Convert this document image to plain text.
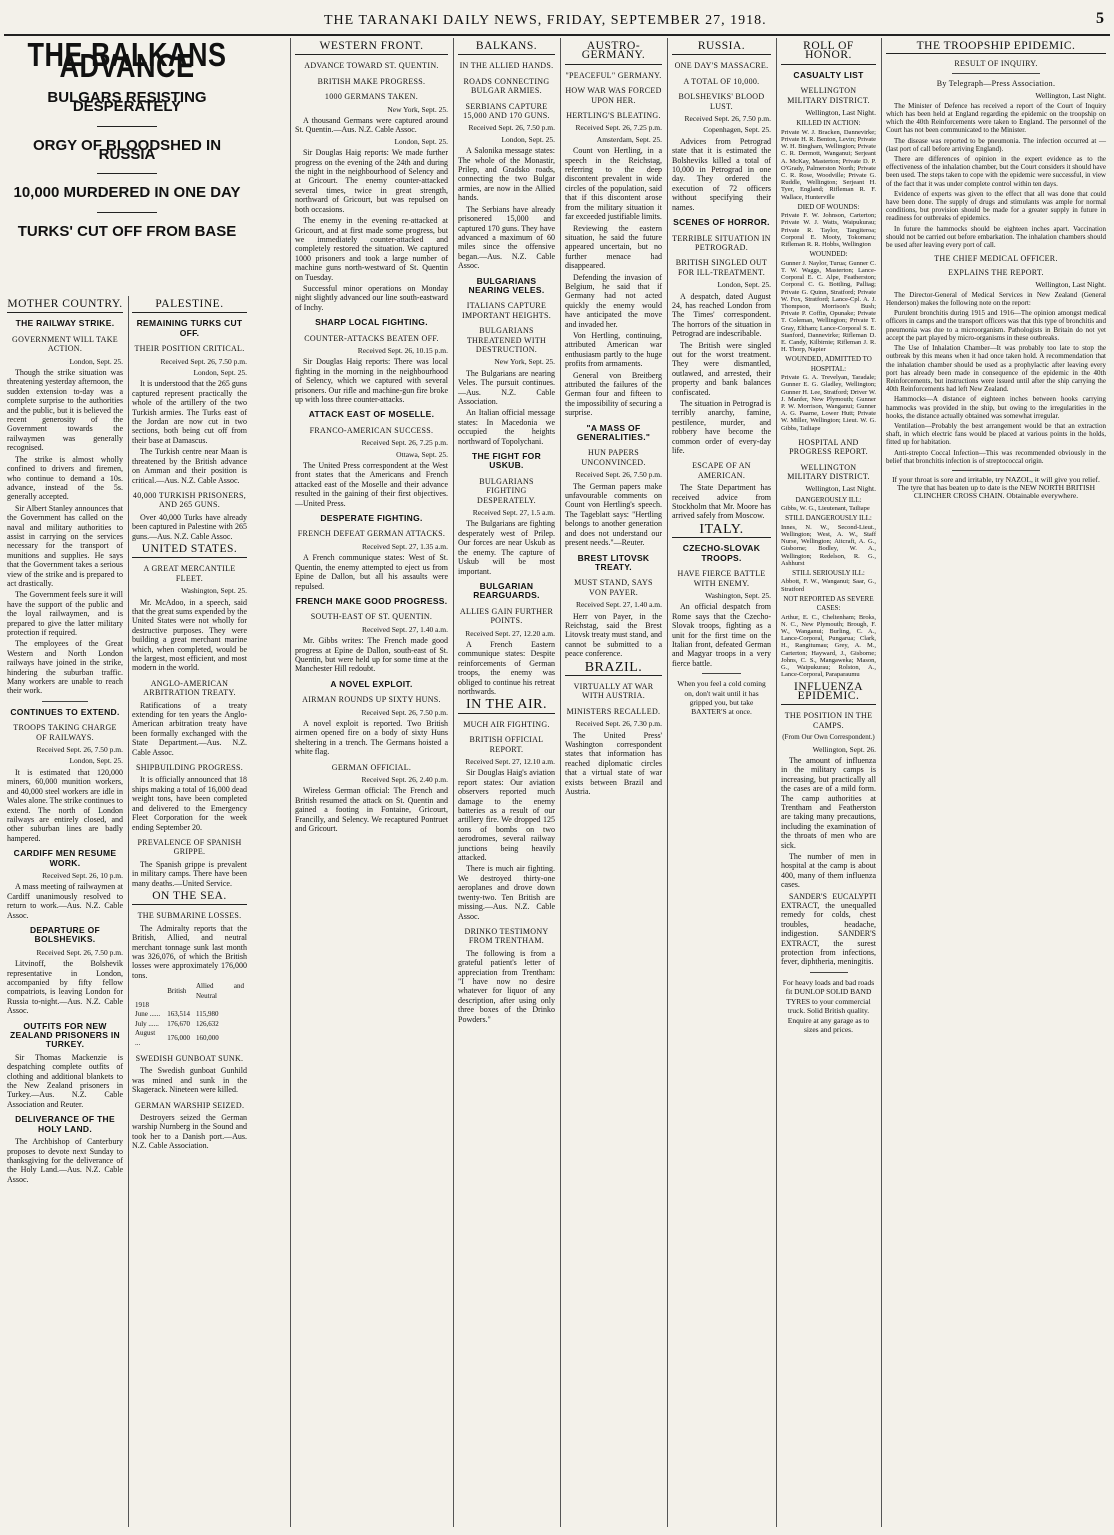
THE TARANAKI DAILY NEWS, FRIDAY, SEPTEMBER 27, 1918.	5
THE BALKANS ADVANCE
BULGARS RESISTING DESPERATELY
ORGY OF BLOODSHED IN RUSSIA
10,000 MURDERED IN ONE DAY
TURKS' CUT OFF FROM BASE
MOTHER COUNTRY.
THE RAILWAY STRIKE.
GOVERNMENT WILL TAKE ACTION.
London, Sept. 25.

Though the strike situation was threatening yesterday afternoon, the sudden extension to-day was a complete surprise to the authorities and the public, but it is believed the recent generosity of the Government towards the railwaymen was generally recognised.

The strike is almost wholly confined to drivers and firemen, who continue to demand a 10s. advance, instead of the 5s. generally accepted.

Sir Albert Stanley announces that the Government has called on the naval and military authorities to assist in carrying on the services necessary for the transport of munitions and supplies. He says that the Government takes a serious view of the strike and is prepared to act drastically.

The Government feels sure it will have the support of the public and the loyal railwaymen, and is prepared to give the latter military protection if required.

The employees of the Great Western and North London railways have joined in the strike, hindering the suburban traffic. Many workers are unable to reach their work.

CONTINUES TO EXTEND.
TROOPS TAKING CHARGE OF RAILWAYS.
Received Sept. 26, 7.50 p.m.
London, Sept. 25.

It is estimated that 120,000 miners, 60,000 munition workers, and 40,000 steel workers are idle in Wales alone. The strike continues to extend. The north of London railways are entirely closed, and other suburban lines are badly hampered.

CARDIFF MEN RESUME WORK.
Received Sept. 26, 10 p.m.

A mass meeting of railwaymen at Cardiff unanimously resolved to return to work.—Aus. N.Z. Cable Assoc.

DEPARTURE OF BOLSHEVIKS.
Received Sept. 26, 7.50 p.m.

Litvinoff, the Bolshevik representative in London, accompanied by fifty fellow compatriots, is leaving London for Russia to-night.—Aus. N.Z. Cable Assoc.

OUTFITS FOR NEW ZEALAND PRISONERS IN TURKEY.

Sir Thomas Mackenzie is despatching complete outfits of clothing and additional blankets to the New Zealand prisoners in Turkey.—Aus. N.Z. Cable Association and Reuter.

DELIVERANCE OF THE HOLY LAND.

The Archbishop of Canterbury proposes to devote next Sunday to thanksgiving for the deliverance of the Holy Land.—Aus. N.Z. Cable Assoc.

PALESTINE.
REMAINING TURKS CUT OFF.
THEIR POSITION CRITICAL.
Received Sept. 26, 7.50 p.m.
London, Sept. 25.

It is understood that the 265 guns captured represent practically the whole of the artillery of the two Turkish armies. The Turks east of the Jordan are now cut in two sections, both being cut off from their base at Damascus.

The Turkish centre near Maan is threatened by the British advance on Amman and their position is critical.—Aus. N.Z. Cable Assoc.

40,000 TURKISH PRISONERS, AND 265 GUNS.

Over 40,000 Turks have already been captured in Palestine with 265 guns.—Aus. N.Z. Cable Assoc.

UNITED STATES.
A GREAT MERCANTILE FLEET.
Washington, Sept. 25.

Mr. McAdoo, in a speech, said that the great sums expended by the United States were not wholly for destructive purposes. They were building a great merchant marine which, when completed, would be the largest, most efficient, and most modern in the world.

ANGLO-AMERICAN ARBITRATION TREATY.

Ratifications of a treaty extending for ten years the Anglo-American arbitration treaty have been formally exchanged with the State Department.—Aus. N.Z. Cable Assoc.

SHIPBUILDING PROGRESS.

It is officially announced that 18 ships making a total of 16,000 dead weight tons, have been completed and delivered to the Emergency Fleet Corporation for the week ending September 20.

PREVALENCE OF SPANISH GRIPPE.

The Spanish grippe is prevalent in military camps. There have been many deaths.—United Service.

ON THE SEA.
THE SUBMARINE LOSSES.

The Admiralty reports that the British, Allied, and neutral merchant tonnage sunk last month was 326,076, of which the British losses were approximately 176,000 tons.

	British	Allied and Neutral
1918		
June ......	163,514	115,980
July ......	176,670	126,632
August ...	176,000	160,000
SWEDISH GUNBOAT SUNK.

The Swedish gunboat Gunhild was mined and sunk in the Skagerack. Nineteen were killed.

GERMAN WARSHIP SEIZED.

Destroyers seized the German warship Nurnberg in the Sound and took her to a Danish port.—Aus. N.Z. Cable Association.

WESTERN FRONT.
ADVANCE TOWARD ST. QUENTIN.
BRITISH MAKE PROGRESS.
1000 GERMANS TAKEN.
New York, Sept. 25.

A thousand Germans were captured around St. Quentin.—Aus. N.Z. Cable Assoc.

London, Sept. 25.

Sir Douglas Haig reports: We made further progress on the evening of the 24th and during the night in the neighbourhood of Selency and at Gricourt. The enemy counter-attacked several times, twice in great strength, northward of Gricourt, but was repulsed on both occasions.

The enemy in the evening re-attacked at Gricourt, and at first made some progress, but we immediately counter-attacked and completely restored the situation. We captured 1000 prisoners and took a large number of machine guns north-westward of St. Quentin on Tuesday.

Successful minor operations on Monday night slightly advanced our line south-eastward of Inchy.

SHARP LOCAL FIGHTING.
COUNTER-ATTACKS BEATEN OFF.
Received Sept. 26, 10.15 p.m.

Sir Douglas Haig reports: There was local fighting in the morning in the neighbourhood of Selency, which we captured with several prisoners. Our rifle and machine-gun fire broke up with loss three counter-attacks.

ATTACK EAST OF MOSELLE.
FRANCO-AMERICAN SUCCESS.
Received Sept. 26, 7.25 p.m.
Ottawa, Sept. 25.

The United Press correspondent at the West front states that the Americans and French attacked east of the Moselle and their advance resulted in the gaining of their first objectives.—United Press.

DESPERATE FIGHTING.
FRENCH DEFEAT GERMAN ATTACKS.
Received Sept. 27, 1.35 a.m.

A French communique states: West of St. Quentin, the enemy attempted to eject us from Epine de Dallon, but all his assaults were repulsed.

FRENCH MAKE GOOD PROGRESS.
SOUTH-EAST OF ST. QUENTIN.
Received Sept. 27, 1.40 a.m.

Mr. Gibbs writes: The French made good progress at Epine de Dallon, south-east of St. Quentin, but were held up for some time at the Manchester Hill redoubt.

A NOVEL EXPLOIT.
AIRMAN ROUNDS UP SIXTY HUNS.
Received Sept. 26, 7.50 p.m.

A novel exploit is reported. Two British airmen opened fire on a body of sixty Huns sheltering in a trench. The Germans hoisted a white flag.

GERMAN OFFICIAL.
Received Sept. 26, 2.40 p.m.

Wireless German official: The French and British resumed the attack on St. Quentin and gained a footing in Fontaine, Gricourt, Francilly, and Selency. We recaptured Pontruet and Gricourt.

BALKANS.
IN THE ALLIED HANDS.
ROADS CONNECTING BULGAR ARMIES.
SERBIANS CAPTURE 15,000 AND 170 GUNS.
Received Sept. 26, 7.50 p.m.
London, Sept. 25.

A Salonika message states: The whole of the Monastir, Prilep, and Gradsko roads, connecting the two Bulgar armies, are now in the Allied hands.

The Serbians have already prisonered 15,000 and captured 170 guns. They have advanced a maximum of 60 miles since the offensive began.—Aus. N.Z. Cable Assoc.

BULGARIANS NEARING VELES.
ITALIANS CAPTURE IMPORTANT HEIGHTS.
BULGARIANS THREATENED WITH DESTRUCTION.
New York, Sept. 25.

The Bulgarians are nearing Veles. The pursuit continues.—Aus. N.Z. Cable Association.

An Italian official message states: In Macedonia we occupied the heights northward of Topolychani.

THE FIGHT FOR USKUB.
BULGARIANS FIGHTING DESPERATELY.
Received Sept. 27, 1.5 a.m.

The Bulgarians are fighting desperately west of Prilep. Our forces are near Uskub as the enemy. The capture of Uskub will be most important.

BULGARIAN REARGUARDS.
ALLIES GAIN FURTHER POINTS.
Received Sept. 27, 12.20 a.m.

A French Eastern communique states: Despite reinforcements of German troops, the enemy was obliged to continue his retreat northwards.

IN THE AIR.
MUCH AIR FIGHTING.
BRITISH OFFICIAL REPORT.
Received Sept. 27, 12.10 a.m.

Sir Douglas Haig's aviation report states: Our aviation observers reported much damage to the enemy batteries as a result of our artillery fire. We dropped 125 tons of bombs on two aerodromes, several railway junctions being heavily attacked.

There is much air fighting. We destroyed thirty-one aeroplanes and drove down twenty-two. Ten British are missing.—Aus. N.Z. Cable Assoc.

DRINKO TESTIMONY FROM TRENTHAM.

The following is from a grateful patient's letter of appreciation from Trentham: "I have now no desire whatever for liquor of any description, after using only three boxes of the Drinko Powders."

AUSTRO-GERMANY.
"PEACEFUL" GERMANY.
HOW WAR WAS FORCED UPON HER.
HERTLING'S BLEATING.
Received Sept. 26, 7.25 p.m.
Amsterdam, Sept. 25.

Count von Hertling, in a speech in the Reichstag, referring to the deep discontent prevalent in wide circles of the population, said that if this discontent arose from the military situation it far exceeded justifiable limits.

Reviewing the eastern situation, he said the future appeared uncertain, but no further menace had disappeared.

Defending the invasion of Belgium, he said that if Germany had not acted quickly the enemy would have anticipated the move and invaded her.

Von Hertling, continuing, attributed American war enthusiasm partly to the huge profits from armaments.

General von Breitberg attributed the failures of the German four and fifteen to the impossibility of securing a surprise.

"A MASS OF GENERALITIES."
HUN PAPERS UNCONVINCED.
Received Sept. 26, 7.50 p.m.

The German papers make unfavourable comments on Count von Hertling's speech. The Tageblatt says: "Hertling belongs to another generation and does not understand our present needs."—Reuter.

BREST LITOVSK TREATY.
MUST STAND, SAYS VON PAYER.
Received Sept. 27, 1.40 a.m.

Herr von Payer, in the Reichstag, said the Brest Litovsk treaty must stand, and cannot be submitted to a peace conference.

BRAZIL.
VIRTUALLY AT WAR WITH AUSTRIA.
MINISTERS RECALLED.
Received Sept. 26, 7.30 p.m.

The United Press' Washington correspondent states that information has reached diplomatic circles that a virtual state of war exists between Brazil and Austria.

RUSSIA.
ONE DAY'S MASSACRE.
A TOTAL OF 10,000.
BOLSHEVIKS' BLOOD LUST.
Received Sept. 26, 7.50 p.m.
Copenhagen, Sept. 25.

Advices from Petrograd state that it is estimated the Bolsheviks killed a total of 10,000 in Petrograd in one day. They ordered the execution of 72 officers without specifying their names.

SCENES OF HORROR.
TERRIBLE SITUATION IN PETROGRAD.
BRITISH SINGLED OUT FOR ILL-TREATMENT.
London, Sept. 25.

A despatch, dated August 24, has reached London from The Times' correspondent. The horrors of the situation in Petrograd are indescribable.

The British were singled out for the worst treatment. They were dismantled, outlawed, and arrested, their property and bank balances confiscated.

The situation in Petrograd is terribly anarchy, famine, pestilence, murder, and robbery have become the common order of every-day life.

ESCAPE OF AN AMERICAN.

The State Department has received advice from Stockholm that Mr. Moore has arrived safely from Moscow.

ITALY.
CZECHO-SLOVAK TROOPS.
HAVE FIERCE BATTLE WITH ENEMY.
Washington, Sept. 25.

An official despatch from Rome says that the Czecho-Slovak troops, fighting as a unit for the first time on the Italian front, defeated German and Magyar troops in a very fierce battle.

When you feel a cold coming on, don't wait until it has gripped you, but take BAXTER'S at once.
ROLL OF HONOR.
CASUALTY LIST
WELLINGTON MILITARY DISTRICT.
Wellington, Last Night.
KILLED IN ACTION:

Private W. J. Bracken, Dannevirke; Private H. R. Benton, Levin; Private W. H. Bingham, Wellington; Private C. R. Dermott, Wanganui; Serjeant A. McKay, Masterton; Private D. P. O'Grady, Palmerston North; Private C. R. Rose, Woodville; Private G. Ruddle, Wellington; Serjeant H. Tyer, England; Rifleman R. F. Wallace, Hunterville

DIED OF WOUNDS:

Private F. W. Johnson, Carterton; Private W. J. Watts, Waipukurau; Private R. Taylor, Tangiteroa; Corporal E. Mooty, Tokomaru; Rifleman R. R. Hobbs, Wellington

WOUNDED:

Gunner J. Naylor, Turua; Gunner C. T. W. Waggs, Masterton; Lance-Corporal E. C. Alpe, Featherston; Corporal C. G. Bottling, Palliag; Private G. Quinn, Stratford; Private W. Fox, Stratford; Lance-Cpl. A. J. Thompson, Morrison's Bush; Private P. Coffin, Opunake; Private T. Coleman, Wellington; Private T. Gray, Eltham; Lance-Corporal S. E. Stanford, Dannevirke; Rifleman D. E. Candy, Kilbirnie; Rifleman J. R. H. Thorp, Napier

WOUNDED, ADMITTED TO HOSPITAL:

Private G. A. Trevelyan, Taradale; Gunner E. G. Gladley, Wellington; Gunner H. Lee, Stratford; Driver W. J. Manfer, New Plymouth; Gunner P. W. Morrison, Wanganui; Gunner A. G. Paarne, Lower Hutt; Private W. Miller, Wellington; Lieut. W. G. Gibbs, Tailiape

HOSPITAL AND PROGRESS REPORT.
WELLINGTON MILITARY DISTRICT.
Wellington, Last Night.
DANGEROUSLY ILL:

Gibbs, W. G., Lieutenant, Tailiape

STILL DANGEROUSLY ILL:

Innes, N. W., Second-Lieut., Wellington; West, A. W., Staff Nurse, Wellington; Aitcraft, A. G., Gisborne; Bodley, W. A., Wellington; Redelson, R. G., Ashhurst

STILL SERIOUSLY ILL:

Abbott, F. W., Wanganui; Saar, G., Stratford

NOT REPORTED AS SEVERE CASES:

Arthur, E. C., Cheltenham; Broks, N. C., New Plymouth; Brough, F. W., Wanganui; Burling, C. A., Lance-Corporal, Pungarua; Clark, H., Rangitumau; Grey, A. M., Carterton; Hayward, J., Gisborne; Johns, C. S., Mangaweka; Mason, G., Waipukurau; Rolston, A., Lance-Corporal, Paraparaumu

INFLUENZA EPIDEMIC.
THE POSITION IN THE CAMPS.
(From Our Own Correspondent.)
Wellington, Sept. 26.

The amount of influenza in the military camps is increasing, but practically all the cases are of a mild form. The camp authorities at Trentham and Featherston are taking many precautions, including the examination of the throats of men who are sick.

The number of men in hospital at the camp is about 400, many of them influenza cases.

SANDER'S EUCALYPTI EXTRACT, the unequalled remedy for colds, chest troubles, headache, indigestion. SANDER'S EXTRACT, the surest protection from infections, fever, diphtheria, meningitis.

For heavy loads and bad roads fit DUNLOP SOLID BAND TYRES to your commercial truck. Solid British quality. Enquire at any garage as to sizes and prices.
THE TROOPSHIP EPIDEMIC.
RESULT OF INQUIRY.
By Telegraph—Press Association.
Wellington, Last Night.

The Minister of Defence has received a report of the Court of Inquiry which has been held at England regarding the epidemic on the troopship on which the 40th Reinforcements were taken to England. The personnel of the Court has not been communicated to the Minister.

The disease was reported to be pneumonia. The infection occurred at — (last port of call before arriving England).

There are differences of opinion in the expert evidence as to the effectiveness of the inhalation chamber, but the Court considers it should have been used. The steps taken to cope with the epidemic were successful, in view of the fact that it was under complete control within ten days.

Evidence of experts was given to the effect that all was done that could have been done. The supply of drugs and stimulants was ample for normal conditions, but provision should be made for a greater supply in future in readiness for outbreaks of epidemics.

In future the hammocks should be eighteen inches apart. Vaccination should not be carried out before embarkation. The inhalation chambers should be used after leaving every port of call.

THE CHIEF MEDICAL OFFICER.
EXPLAINS THE REPORT.
Wellington, Last Night.

The Director-General of Medical Services in New Zealand (General Henderson) makes the following note on the report:

Purulent bronchitis during 1915 and 1916—The opinion amongst medical officers in camps and the transport officers was that this type of bronchitis and pneumonia was due to a microorganism. Pathologists in Britain do not yet accept the part played by micro-organisms in these outbreaks.

The Use of Inhalation Chamber—It was probably too late to stop the outbreak by this means when it had once taken hold. A recommendation that the inhalation chamber should be used as a prophylactic after leaving every port has already been made in consequence of the epidemic in the 40th Reinforcements, but instructions were issued until after the ship carrying the 40th Reinforcements had left New Zealand.

Hammocks—A distance of eighteen inches between hooks carrying hammocks was provided in the ship, but owing to the irregularities in the hooks, the distance actually obtained was somewhat irregular.

Ventilation—Probably the best arrangement would be that an extraction shaft, in which electric fans would be placed at various points in the holds, fitted up for habitation.

Anti-strepto Coccal Infection—This was recommended obviously in the belief that bronchitis infection is of streptococcal origin.

If your throat is sore and irritable, try NAZOL, it will give you relief.
The tyre that has beaten up to date is the NEW NORTH BRITISH CLINCHER CROSS CHAIN. Obtainable everywhere.
